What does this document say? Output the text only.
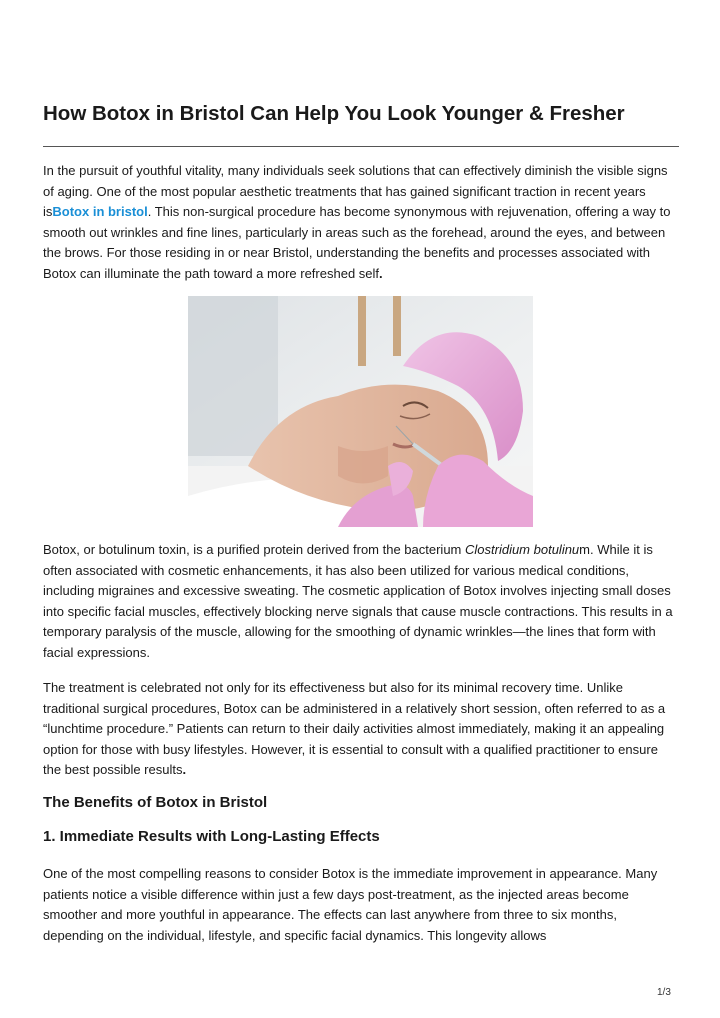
How Botox in Bristol Can Help You Look Younger & Fresher

In the pursuit of youthful vitality, many individuals seek solutions that can effectively diminish the visible signs of aging. One of the most popular aesthetic treatments that has gained significant traction in recent years isBotox in bristol. This non-surgical procedure has become synonymous with rejuvenation, offering a way to smooth out wrinkles and fine lines, particularly in areas such as the forehead, around the eyes, and between the brows. For those residing in or near Bristol, understanding the benefits and processes associated with Botox can illuminate the path toward a more refreshed self.

Botox, or botulinum toxin, is a purified protein derived from the bacterium Clostridium botulinum. While it is often associated with cosmetic enhancements, it has also been utilized for various medical conditions, including migraines and excessive sweating. The cosmetic application of Botox involves injecting small doses into specific facial muscles, effectively blocking nerve signals that cause muscle contractions. This results in a temporary paralysis of the muscle, allowing for the smoothing of dynamic wrinkles—the lines that form with facial expressions.

The treatment is celebrated not only for its effectiveness but also for its minimal recovery time. Unlike traditional surgical procedures, Botox can be administered in a relatively short session, often referred to as a “lunchtime procedure.” Patients can return to their daily activities almost immediately, making it an appealing option for those with busy lifestyles. However, it is essential to consult with a qualified practitioner to ensure the best possible results.

The Benefits of Botox in Bristol
1. Immediate Results with Long-Lasting Effects

One of the most compelling reasons to consider Botox is the immediate improvement in appearance. Many patients notice a visible difference within just a few days post-treatment, as the injected areas become smoother and more youthful in appearance. The effects can last anywhere from three to six months, depending on the individual, lifestyle, and specific facial dynamics. This longevity allows

1/3
